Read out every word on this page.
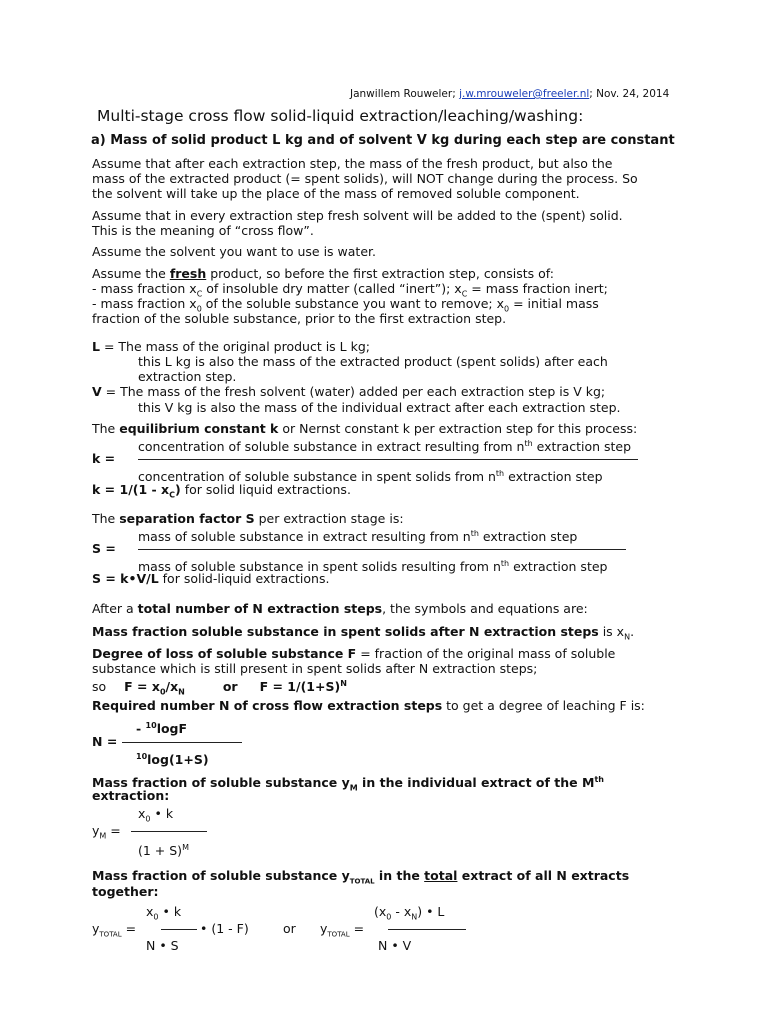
Janwillem Rouweler; j.w.mrouweler@freeler.nl; Nov. 24, 2014
Multi-stage cross flow solid-liquid extraction/leaching/washing:
a) Mass of solid product L kg and of solvent V kg during each step are constant
Assume that after each extraction step, the mass of the fresh product, but also the
mass of the extracted product (= spent solids), will NOT change during the process. So
the solvent will take up the place of the mass of removed soluble component.
Assume that in every extraction step fresh solvent will be added to the (spent) solid.
This is the meaning of “cross flow”.
Assume the solvent you want to use is water.
Assume the fresh product, so before the first extraction step, consists of:
- mass fraction $x_C$ of insoluble dry matter (called “inert”); $x_C$ = mass fraction inert;
- mass fraction $x_0$ of the soluble substance you want to remove; $x_0$ = initial mass
fraction of the soluble substance, prior to the first extraction step.
L = The mass of the original product is L kg;
this L kg is also the mass of the extracted product (spent solids) after each
extraction step.
V = The mass of the fresh solvent (water) added per each extraction step is V kg;
this V kg is also the mass of the individual extract after each extraction step.
The equilibrium constant k or Nernst constant k per extraction step for this process:
concentration of soluble substance in extract resulting from $n^{th}$ extraction step
k =
concentration of soluble substance in spent solids from $n^{th}$ extraction step
$k = 1/(1 - x_C)$ for solid liquid extractions.
The separation factor S per extraction stage is:
mass of soluble substance in extract resulting from $n^{th}$ extraction step
S =
mass of soluble substance in spent solids resulting from $n^{th}$ extraction step
S = k•V/L for solid-liquid extractions.
After a total number of N extraction steps, the symbols and equations are:
Mass fraction soluble substance in spent solids after N extraction steps is $x_N$.
Degree of loss of soluble substance F = fraction of the original mass of soluble
substance which is still present in spent solids after N extraction steps;
so $F = x_0/x_N$	or $F = 1/(1+S)^N$
Required number N of cross flow extraction steps to get a degree of leaching F is:
- $^{10}$logF
N =
$^{10}$log(1+S)
Mass fraction of soluble substance $y_M$ in the individual extract of the Mth
extraction:
$x_0$ • k
$y_M$ =
$(1 + S)^M$
Mass fraction of soluble substance $y_{TOTAL}$ in the total extract of all N extracts
together:
$x_0$ • k
$y_{TOTAL}$ =	• (1 - F)
N • S
or
$(x_0 - x_N)$ • L
$y_{TOTAL}$ =
N • V
